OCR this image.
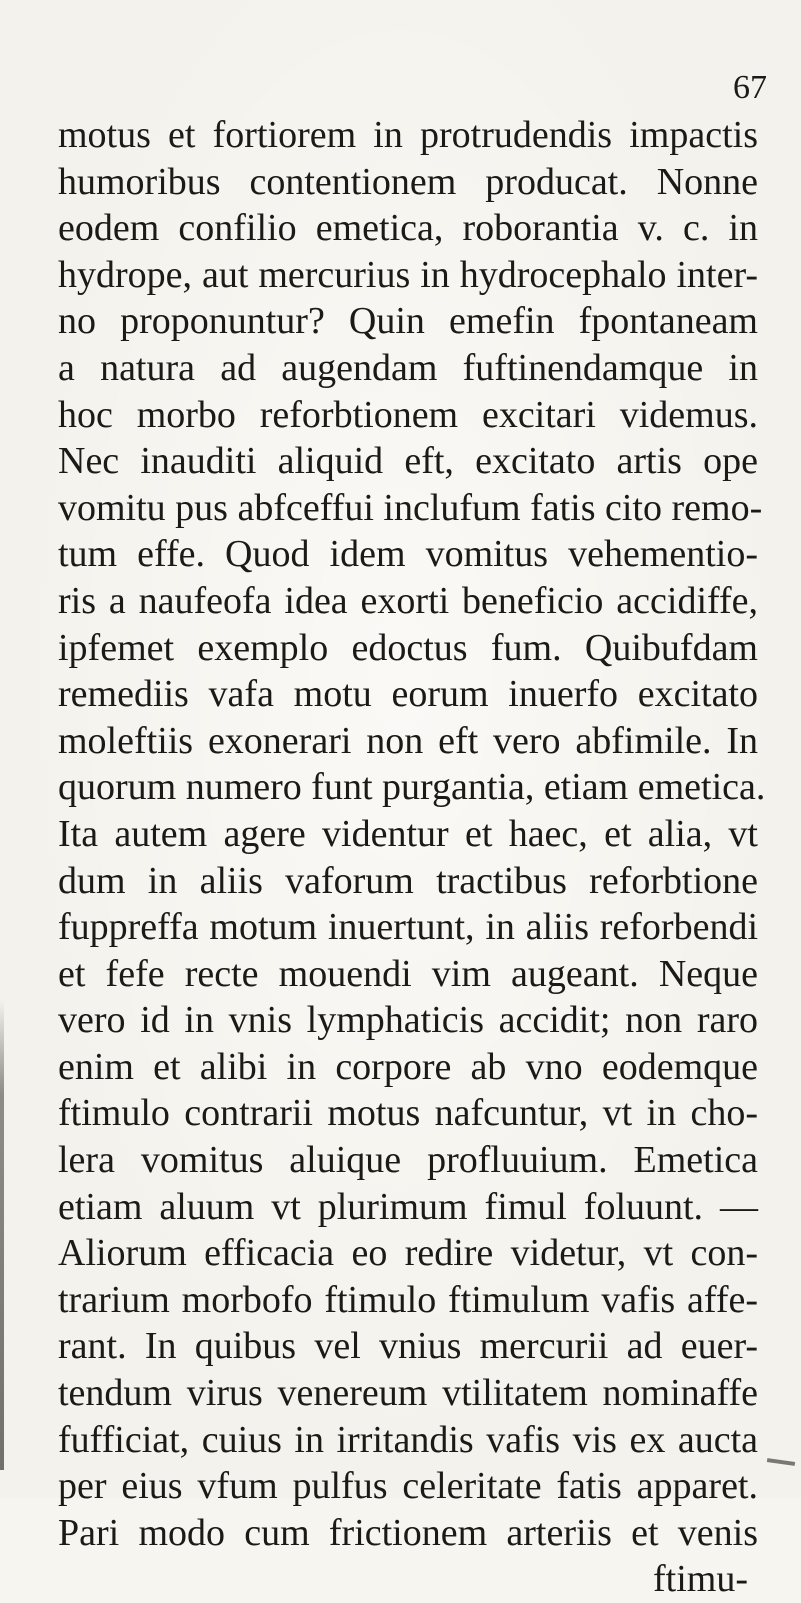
67
motus et fortiorem in protrudendis impactis
humoribus contentionem producat. Nonne
eodem confilio emetica, roborantia v. c. in
hydrope, aut mercurius in hydrocephalo inter-
no proponuntur? Quin emefin fpontaneam
a natura ad augendam fuftinendamque in
hoc morbo reforbtionem excitari videmus.
Nec inauditi aliquid eft, excitato artis ope
vomitu pus abfceffui inclufum fatis cito remo-
tum effe. Quod idem vomitus vehementio-
ris a naufeofa idea exorti beneficio accidiffe,
ipfemet exemplo edoctus fum. Quibufdam
remediis vafa motu eorum inuerfo excitato
moleftiis exonerari non eft vero abfimile. In
quorum numero funt purgantia, etiam emetica.
Ita autem agere videntur et haec, et alia, vt
dum in aliis vaforum tractibus reforbtione
fuppreffa motum inuertunt, in aliis reforbendi
et fefe recte mouendi vim augeant. Neque
vero id in vnis lymphaticis accidit; non raro
enim et alibi in corpore ab vno eodemque
ftimulo contrarii motus nafcuntur, vt in cho-
lera vomitus aluique profluuium. Emetica
etiam aluum vt plurimum fimul foluunt. —
Aliorum efficacia eo redire videtur, vt con-
trarium morbofo ftimulo ftimulum vafis affe-
rant. In quibus vel vnius mercurii ad euer-
tendum virus venereum vtilitatem nominaffe
fufficiat, cuius in irritandis vafis vis ex aucta
per eius vfum pulfus celeritate fatis apparet.
Pari modo cum frictionem arteriis et venis
ftimu-
